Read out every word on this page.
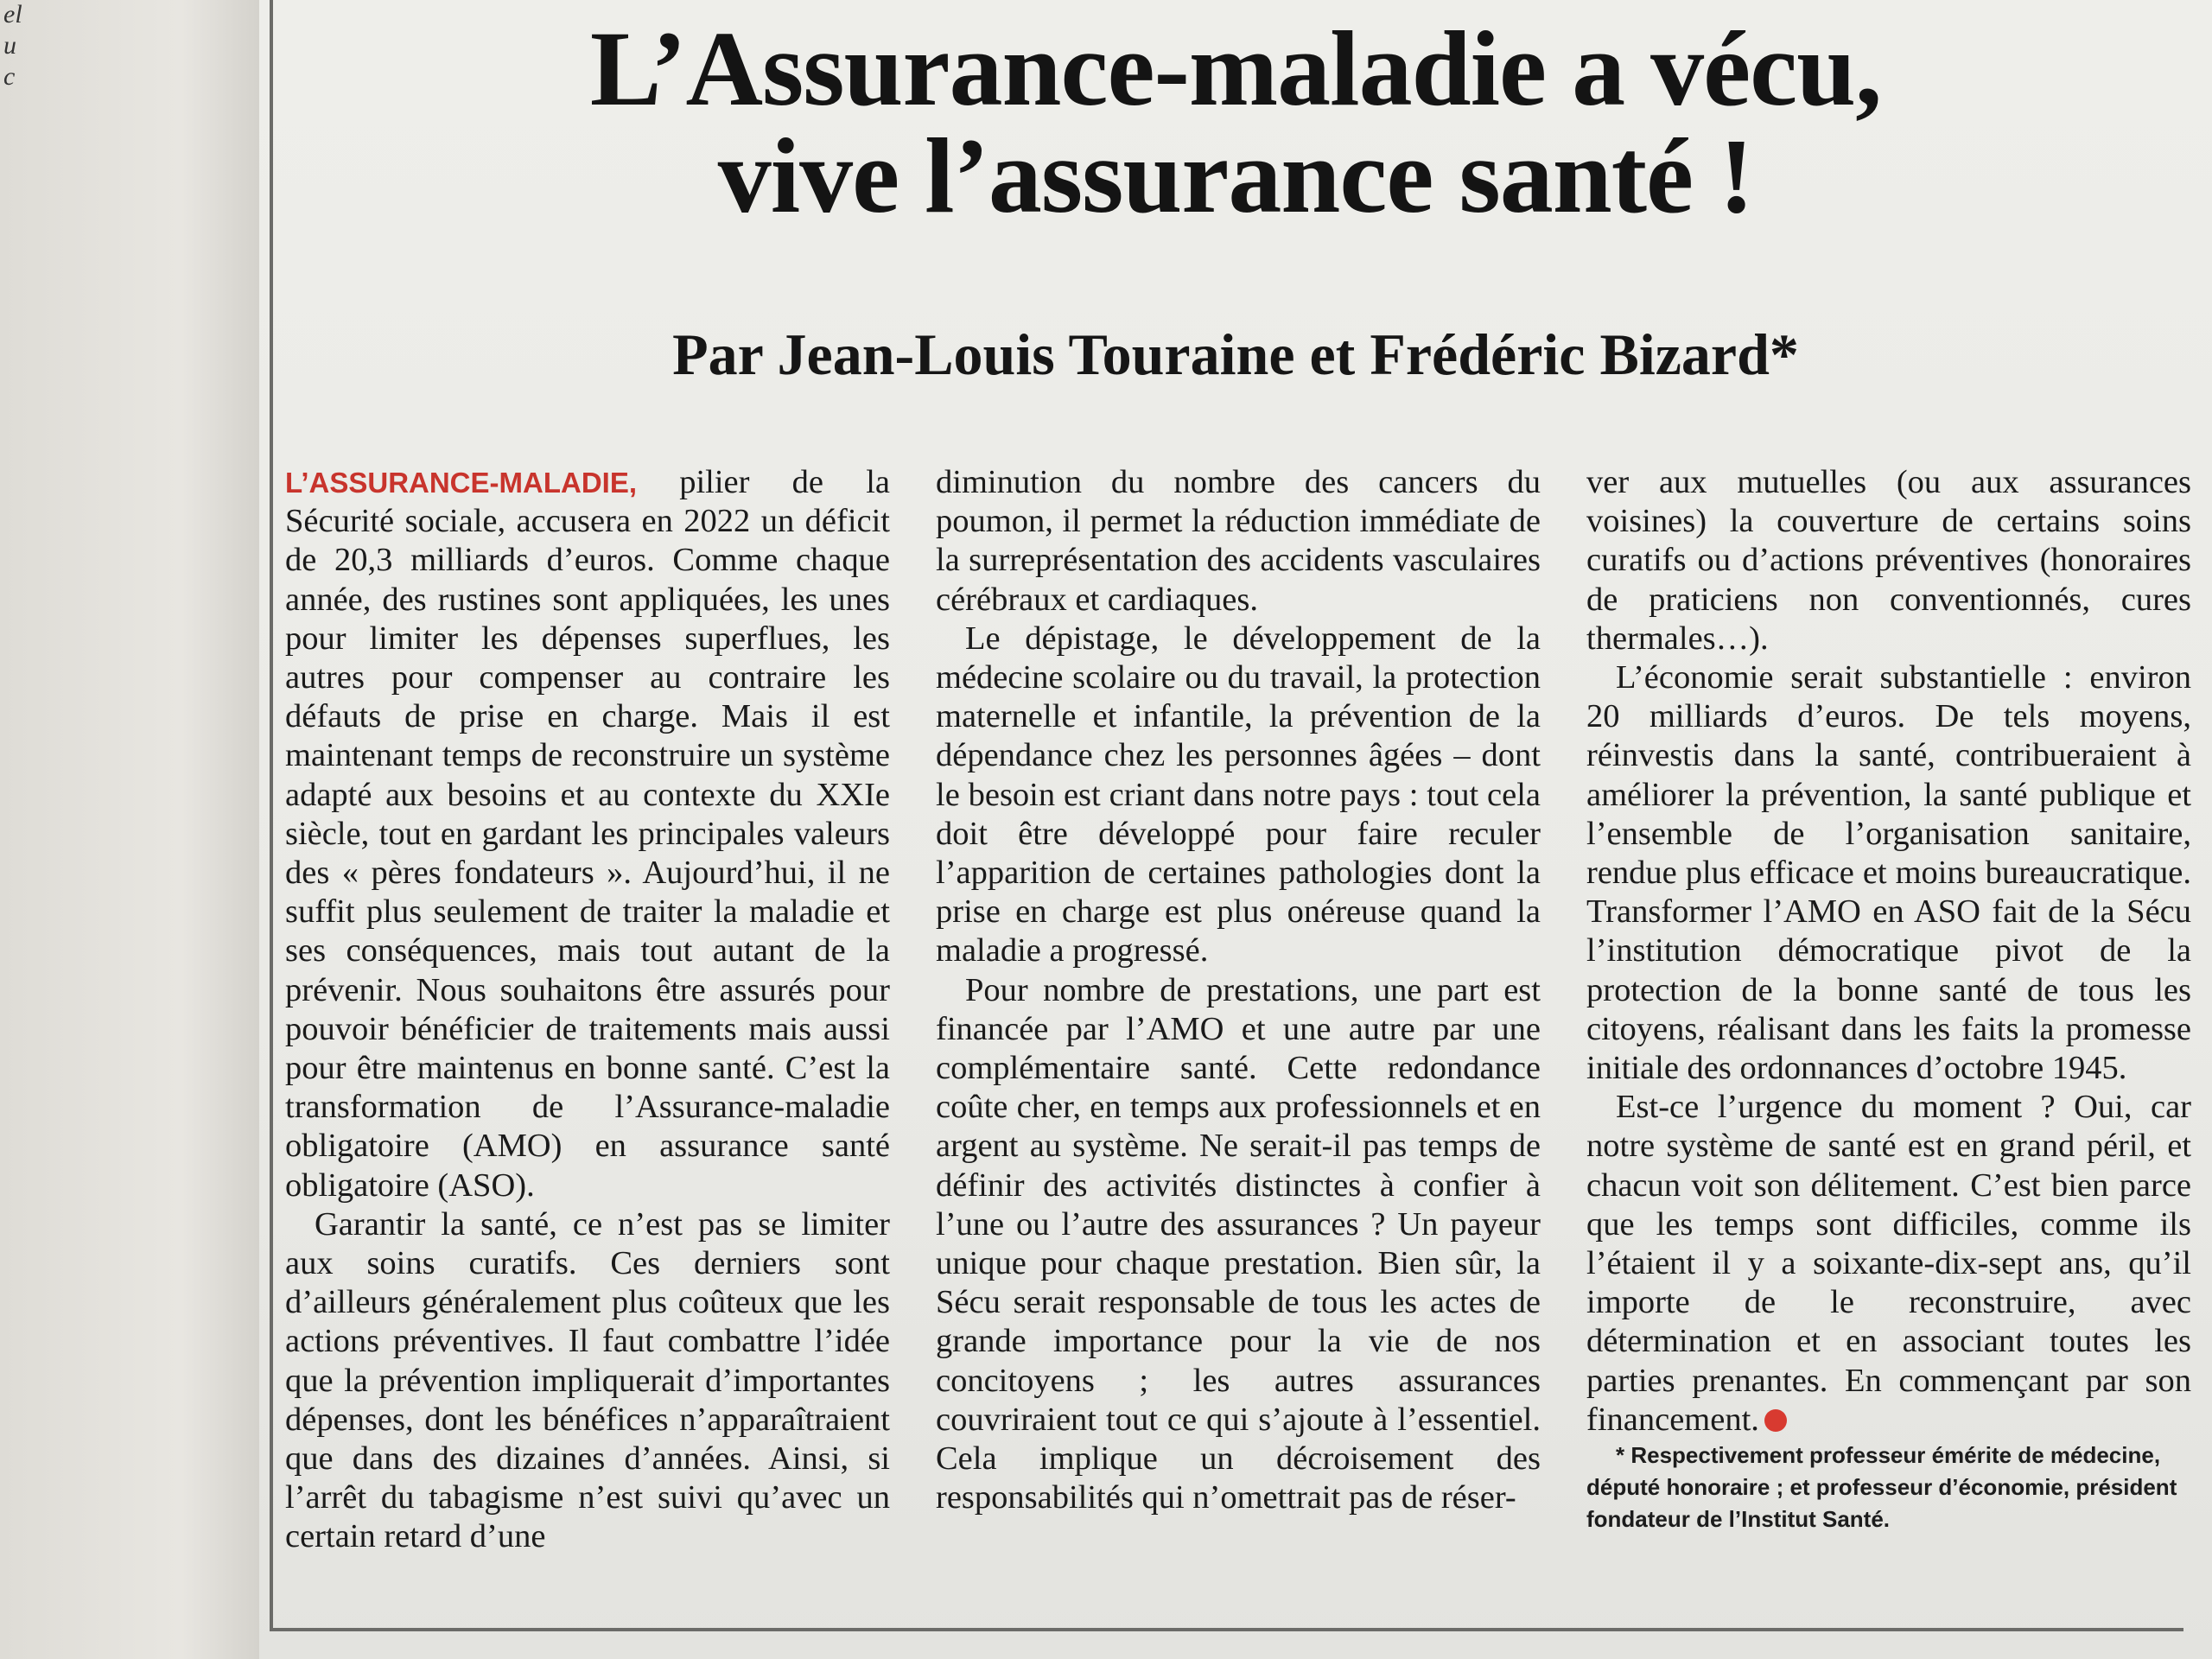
el
u
c	L’Assurance-maladie a vécu,
vive l’assurance santé !
Par Jean-Louis Touraine et Frédéric Bizard*

L’ASSURANCE-MALADIE, pilier de la Sécurité sociale, accusera en 2022 un déficit de 20,3 milliards d’euros. Comme chaque année, des rustines sont appliquées, les unes pour limiter les dépenses superflues, les autres pour compenser au contraire les défauts de prise en charge. Mais il est maintenant temps de reconstruire un système adapté aux besoins et au contexte du XXIe siècle, tout en gardant les principales valeurs des « pères fondateurs ». Aujourd’hui, il ne suffit plus seulement de traiter la maladie et ses conséquences, mais tout autant de la prévenir. Nous souhaitons être assurés pour pouvoir bénéficier de traitements mais aussi pour être maintenus en bonne santé. C’est la transformation de l’Assurance-maladie obligatoire (AMO) en assurance santé obligatoire (ASO).

Garantir la santé, ce n’est pas se limiter aux soins curatifs. Ces derniers sont d’ailleurs généralement plus coûteux que les actions préventives. Il faut combattre l’idée que la prévention impliquerait d’importantes dépenses, dont les bénéfices n’apparaîtraient que dans des dizaines d’années. Ainsi, si l’arrêt du tabagisme n’est suivi qu’avec un certain retard d’une

diminution du nombre des cancers du poumon, il permet la réduction immédiate de la surreprésentation des accidents vasculaires cérébraux et cardiaques.

Le dépistage, le développement de la médecine scolaire ou du travail, la protection maternelle et infantile, la prévention de la dépendance chez les personnes âgées – dont le besoin est criant dans notre pays : tout cela doit être développé pour faire reculer l’apparition de certaines pathologies dont la prise en charge est plus onéreuse quand la maladie a progressé.

Pour nombre de prestations, une part est financée par l’AMO et une autre par une complémentaire santé. Cette redondance coûte cher, en temps aux professionnels et en argent au système. Ne serait-il pas temps de définir des activités distinctes à confier à l’une ou l’autre des assurances ? Un payeur unique pour chaque prestation. Bien sûr, la Sécu serait responsable de tous les actes de grande importance pour la vie de nos concitoyens ; les autres assurances couvriraient tout ce qui s’ajoute à l’essentiel. Cela implique un décroisement des responsabilités qui n’omettrait pas de réser-

ver aux mutuelles (ou aux assurances voisines) la couverture de certains soins curatifs ou d’actions préventives (honoraires de praticiens non conventionnés, cures thermales…).

L’économie serait substantielle : environ 20 milliards d’euros. De tels moyens, réinvestis dans la santé, contribueraient à améliorer la prévention, la santé publique et l’ensemble de l’organisation sanitaire, rendue plus efficace et moins bureaucratique. Transformer l’AMO en ASO fait de la Sécu l’institution démocratique pivot de la protection de la bonne santé de tous les citoyens, réalisant dans les faits la promesse initiale des ordonnances d’octobre 1945.

Est-ce l’urgence du moment ? Oui, car notre système de santé est en grand péril, et chacun voit son délitement. C’est bien parce que les temps sont difficiles, comme ils l’étaient il y a soixante-dix-sept ans, qu’il importe de le reconstruire, avec détermination et en associant toutes les parties prenantes. En commençant par son financement.

* Respectivement professeur émérite de médecine, député honoraire ; et professeur d’économie, président fondateur de l’Institut Santé.
